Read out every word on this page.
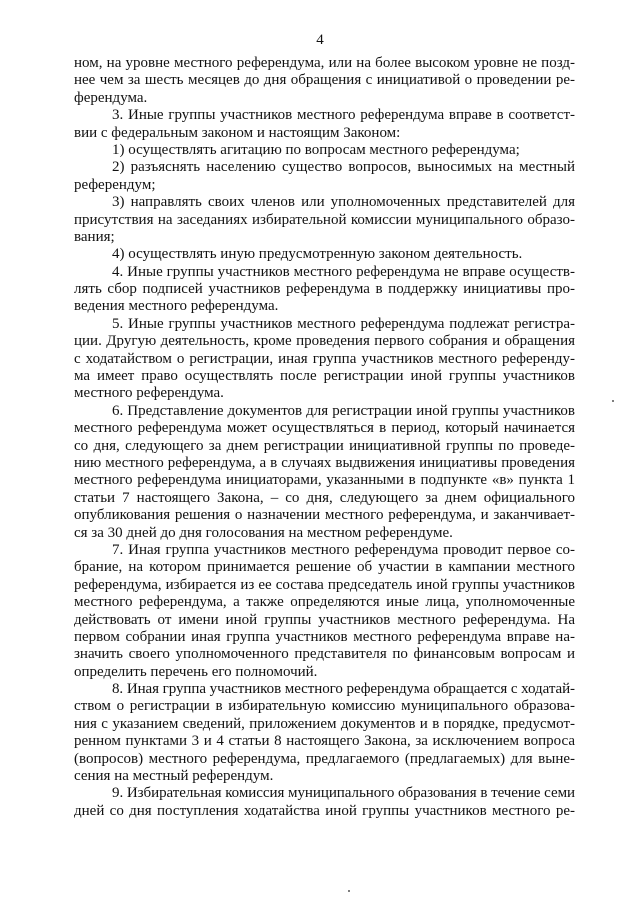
4
ном, на уровне местного референдума, или на более высоком уровне не позд-
нее чем за шесть месяцев до дня обращения с инициативой о проведении ре-
ферендума.
3. Иные группы участников местного референдума вправе в соответст-
вии с федеральным законом и настоящим Законом:
1) осуществлять агитацию по вопросам местного референдума;
2) разъяснять населению существо вопросов, выносимых на местный
референдум;
3) направлять своих членов или уполномоченных представителей для
присутствия на заседаниях избирательной комиссии муниципального образо-
вания;
4) осуществлять иную предусмотренную законом деятельность.
4. Иные группы участников местного референдума не вправе осуществ-
лять сбор подписей участников референдума в поддержку инициативы про-
ведения местного референдума.
5. Иные группы участников местного референдума подлежат регистра-
ции. Другую деятельность, кроме проведения первого собрания и обращения
с ходатайством о регистрации, иная группа участников местного референду-
ма имеет право осуществлять после регистрации иной группы участников
местного референдума.
6. Представление документов для регистрации иной группы участников
местного референдума может осуществляться в период, который начинается
со дня, следующего за днем регистрации инициативной группы по проведе-
нию местного референдума, а в случаях выдвижения инициативы проведения
местного референдума инициаторами, указанными в подпункте «в» пункта 1
статьи 7 настоящего Закона, – со дня, следующего за днем официального
опубликования решения о назначении местного референдума, и заканчивает-
ся за 30 дней до дня голосования на местном референдуме.
7. Иная группа участников местного референдума проводит первое со-
брание, на котором принимается решение об участии в кампании местного
референдума, избирается из ее состава председатель иной группы участников
местного референдума, а также определяются иные лица, уполномоченные
действовать от имени иной группы участников местного референдума. На
первом собрании иная группа участников местного референдума вправе на-
значить своего уполномоченного представителя по финансовым вопросам и
определить перечень его полномочий.
8. Иная группа участников местного референдума обращается с ходатай-
ством о регистрации в избирательную комиссию муниципального образова-
ния с указанием сведений, приложением документов и в порядке, предусмот-
ренном пунктами 3 и 4 статьи 8 настоящего Закона, за исключением вопроса
(вопросов) местного референдума, предлагаемого (предлагаемых) для выне-
сения на местный референдум.
9. Избирательная комиссия муниципального образования в течение семи
дней со дня поступления ходатайства иной группы участников местного ре-
